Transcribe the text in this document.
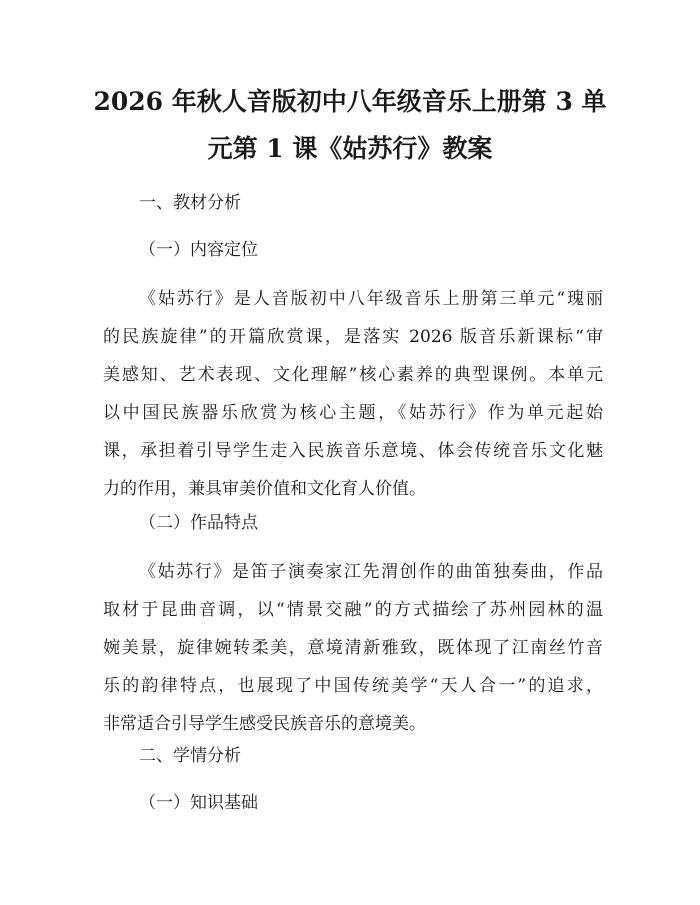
2026 年秋人音版初中八年级音乐上册第 3 单
元第 1 课《姑苏行》教案
一、教材分析
（一）内容定位
《姑苏行》是人音版初中八年级音乐上册第三单元“瑰丽
的民族旋律”的开篇欣赏课，是落实 2026 版音乐新课标“审
美感知、艺术表现、文化理解”核心素养的典型课例。本单元
以中国民族器乐欣赏为核心主题，《姑苏行》作为单元起始
课，承担着引导学生走入民族音乐意境、体会传统音乐文化魅
力的作用，兼具审美价值和文化育人价值。
（二）作品特点
《姑苏行》是笛子演奏家江先渭创作的曲笛独奏曲，作品
取材于昆曲音调，以“情景交融”的方式描绘了苏州园林的温
婉美景，旋律婉转柔美，意境清新雅致，既体现了江南丝竹音
乐的韵律特点，也展现了中国传统美学“天人合一”的追求，
非常适合引导学生感受民族音乐的意境美。
二、学情分析
（一）知识基础
